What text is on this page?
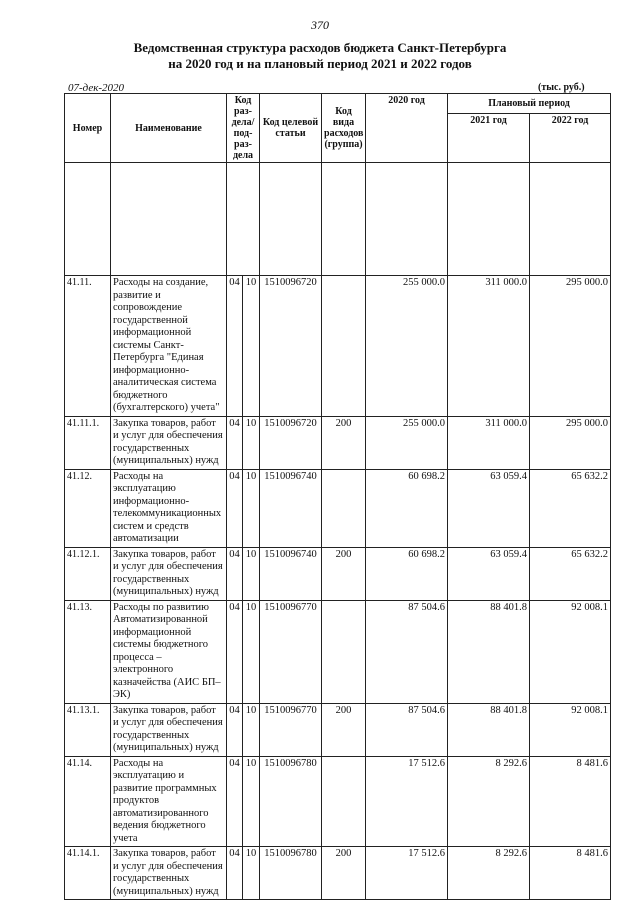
370
Ведомственная структура расходов бюджета Санкт-Петербурга
на 2020 год и на плановый период 2021 и 2022 годов
07-дек-2020	(тыс. руб.)
Номер	Наименование	Код раз-дела/ под-раз-дела		Код целевой статьи	Код вида расходов (группа)	2020 год	Плановый период	
							2021 год	2022 год

41.11.	Расходы на создание, развитие и сопровождение государственной информационной системы Санкт-Петербурга "Единая информационно-аналитическая система бюджетного (бухгалтерского) учета"	04	10	1510096720		255 000.0	311 000.0	295 000.0
41.11.1.	Закупка товаров, работ и услуг для обеспечения государственных (муниципальных) нужд	04	10	1510096720	200	255 000.0	311 000.0	295 000.0
41.12.	Расходы на эксплуатацию информационно-телекоммуникационных систем и средств автоматизации	04	10	1510096740		60 698.2	63 059.4	65 632.2
41.12.1.	Закупка товаров, работ и услуг для обеспечения государственных (муниципальных) нужд	04	10	1510096740	200	60 698.2	63 059.4	65 632.2
41.13.	Расходы по развитию Автоматизированной информационной системы бюджетного процесса – электронного казначейства (АИС БП–ЭК)	04	10	1510096770		87 504.6	88 401.8	92 008.1
41.13.1.	Закупка товаров, работ и услуг для обеспечения государственных (муниципальных) нужд	04	10	1510096770	200	87 504.6	88 401.8	92 008.1
41.14.	Расходы на эксплуатацию и развитие программных продуктов автоматизированного ведения бюджетного учета	04	10	1510096780		17 512.6	8 292.6	8 481.6
41.14.1.	Закупка товаров, работ и услуг для обеспечения государственных (муниципальных) нужд	04	10	1510096780	200	17 512.6	8 292.6	8 481.6
